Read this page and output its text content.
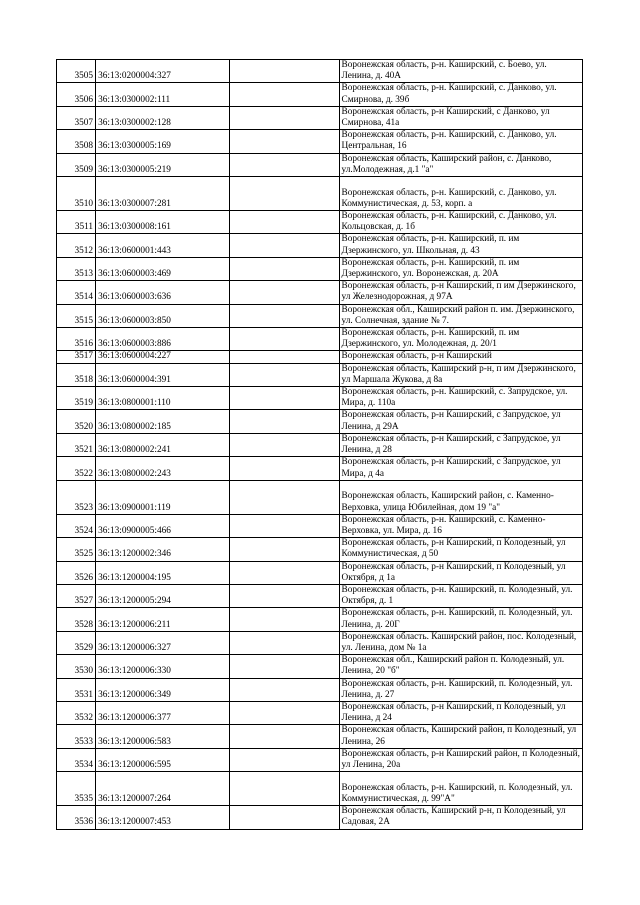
3505	36:13:0200004:327		Воронежская область, р-н. Каширский, с. Боево, ул. Ленина, д. 40А
3506	36:13:0300002:111		Воронежская область, р-н. Каширский, с. Данково, ул. Смирнова, д. 39б
3507	36:13:0300002:128		Воронежская область, р-н Каширский, с Данково, ул Смирнова, 41а
3508	36:13:0300005:169		Воронежская область, р-н. Каширский, с. Данково, ул. Центральная, 16
3509	36:13:0300005:219		Воронежская область, Каширский район, с. Данково, ул.Молодежная, д.1 "а"
3510	36:13:0300007:281		Воронежская область, р-н. Каширский, с. Данково, ул. Коммунистическая, д. 53, корп. а
3511	36:13:0300008:161		Воронежская область, р-н. Каширский, с. Данково, ул. Кольцовская, д. 1б
3512	36:13:0600001:443		Воронежская область, р-н. Каширский, п. им Дзержинского, ул. Школьная, д. 43
3513	36:13:0600003:469		Воронежская область, р-н. Каширский, п. им Дзержинского, ул. Воронежская, д. 20А
3514	36:13:0600003:636		Воронежская область, р-н Каширский, п им Дзержинского, ул Железнодорожная, д 97А
3515	36:13:0600003:850		Воронежская обл., Каширский район п. им. Дзержинского, ул. Солнечная, здание № 7.
3516	36:13:0600003:886		Воронежская область, р-н. Каширский, п. им Дзержинского, ул. Молодежная, д. 20/1
3517	36:13:0600004:227		Воронежская область, р-н Каширский
3518	36:13:0600004:391		Воронежская область, Каширский р-н, п им Дзержинского, ул Маршала Жукова, д 8а
3519	36:13:0800001:110		Воронежская область, р-н. Каширский, с. Запрудское, ул. Мира, д. 110а
3520	36:13:0800002:185		Воронежская область, р-н Каширский, с Запрудское, ул Ленина, д 29А
3521	36:13:0800002:241		Воронежская область, р-н Каширский, с Запрудское, ул Ленина, д 28
3522	36:13:0800002:243		Воронежская область, р-н Каширский, с Запрудское, ул Мира, д 4а
3523	36:13:0900001:119		Воронежская область, Каширский район, с. Каменно-Верховка, улица Юбилейная, дом 19 "а"
3524	36:13:0900005:466		Воронежская область, р-н. Каширский, с. Каменно-Верховка, ул. Мира, д. 16
3525	36:13:1200002:346		Воронежская область, р-н Каширский, п Колодезный, ул Коммунистическая, д 50
3526	36:13:1200004:195		Воронежская область, р-н Каширский, п Колодезный, ул Октября, д 1а
3527	36:13:1200005:294		Воронежская область, р-н. Каширский, п. Колодезный, ул. Октября, д. 1
3528	36:13:1200006:211		Воронежская область, р-н. Каширский, п. Колодезный, ул. Ленина, д. 20Г
3529	36:13:1200006:327		Воронежская область. Каширский район, пос. Колодезный, ул. Ленина, дом № 1а
3530	36:13:1200006:330		Воронежская обл., Каширский район п. Колодезный, ул. Ленина, 20 "б"
3531	36:13:1200006:349		Воронежская область, р-н. Каширский, п. Колодезный, ул. Ленина, д. 27
3532	36:13:1200006:377		Воронежская область, р-н Каширский, п Колодезный, ул Ленина, д 24
3533	36:13:1200006:583		Воронежская область, Каширский район, п Колодезный, ул Ленина, 26
3534	36:13:1200006:595		Воронежская область, р-н Каширский район, п Колодезный, ул Ленина, 20а
3535	36:13:1200007:264		Воронежская область, р-н. Каширский, п. Колодезный, ул. Коммунистическая, д. 99"А"
3536	36:13:1200007:453		Воронежская область, Каширский р-н, п Колодезный, ул Садовая, 2А
